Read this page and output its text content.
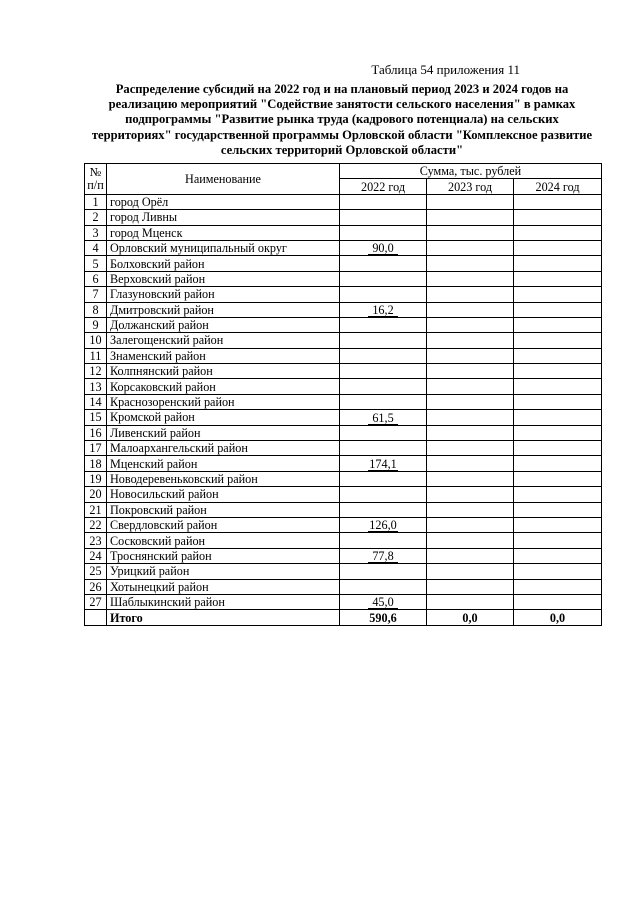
Таблица 54 приложения 11
Распределение субсидий на 2022 год и на плановый период 2023 и 2024 годов на
реализацию мероприятий "Содействие занятости сельского населения" в рамках
подпрограммы "Развитие рынка труда (кадрового потенциала) на сельских
территориях" государственной программы Орловской области "Комплексное развитие
сельских территорий Орловской области"
№
п/п	Наименование	Сумма, тыс. рублей		
		2022 год	2023 год	2024 год
1	город Орёл			
2	город Ливны			
3	город Мценск			
4	Орловский муниципальный округ	90,0		
5	Болховский район			
6	Верховский район			
7	Глазуновский район			
8	Дмитровский район	16,2		
9	Должанский район			
10	Залегощенский район			
11	Знаменский район			
12	Колпнянский район			
13	Корсаковский район			
14	Краснозоренский район			
15	Кромской район	61,5		
16	Ливенский район			
17	Малоархангельский район			
18	Мценский район	174,1		
19	Новодеревеньковский район			
20	Новосильский район			
21	Покровский район			
22	Свердловский район	126,0		
23	Сосковский район			
24	Троснянский район	77,8		
25	Урицкий район			
26	Хотынецкий район			
27	Шаблыкинский район	45,0		
	Итого	590,6	0,0	0,0
